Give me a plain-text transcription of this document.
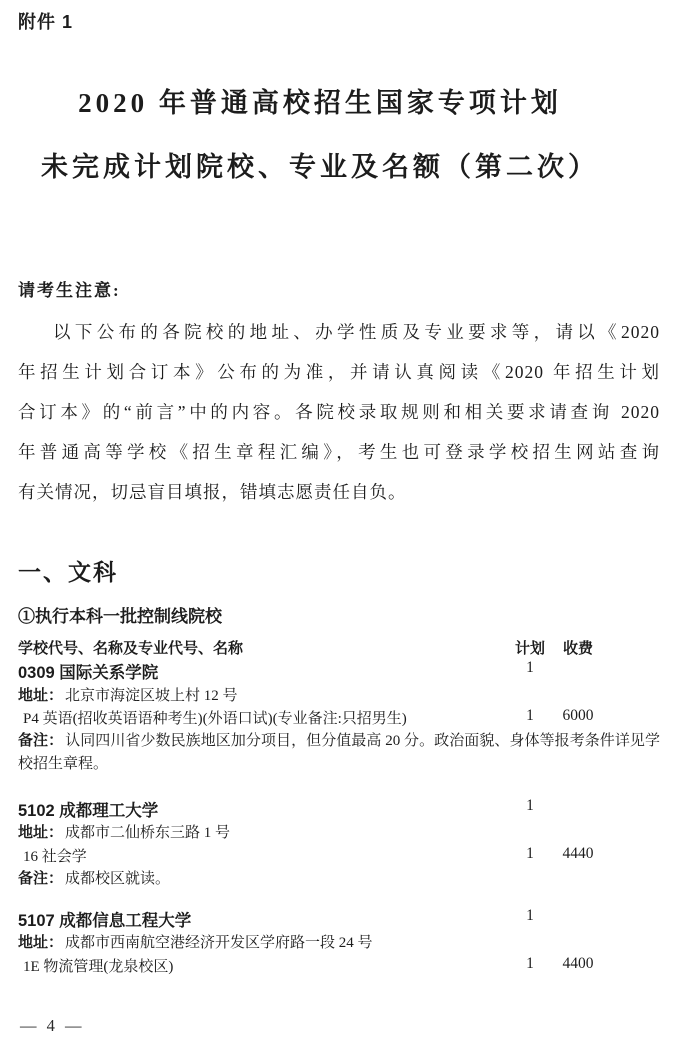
附件 1
2020 年普通高校招生国家专项计划
未完成计划院校、专业及名额（第二次）
请考生注意:
以下公布的各院校的地址、办学性质及专业要求等，请以《2020
年招生计划合订本》公布的为准，并请认真阅读《2020 年招生计划
合订本》的“前言”中的内容。各院校录取规则和相关要求请查询 2020
年普通高等学校《招生章程汇编》，考生也可登录学校招生网站查询
有关情况，切忌盲目填报，错填志愿责任自负。
一、文科
①执行本科一批控制线院校
学校代号、名称及专业代号、名称	计划	收费
0309 国际关系学院	1
地址： 北京市海淀区坡上村 12 号
P4 英语(招收英语语种考生)(外语口试)(专业备注:只招男生)	1	6000
备注： 认同四川省少数民族地区加分项目，但分值最高 20 分。政治面貌、身体等报考条件详见学校招生章程。
5102 成都理工大学	1
地址： 成都市二仙桥东三路 1 号
16 社会学	1	4440
备注： 成都校区就读。
5107 成都信息工程大学	1
地址： 成都市西南航空港经济开发区学府路一段 24 号
1E 物流管理(龙泉校区)	1	4400
— 4 —
